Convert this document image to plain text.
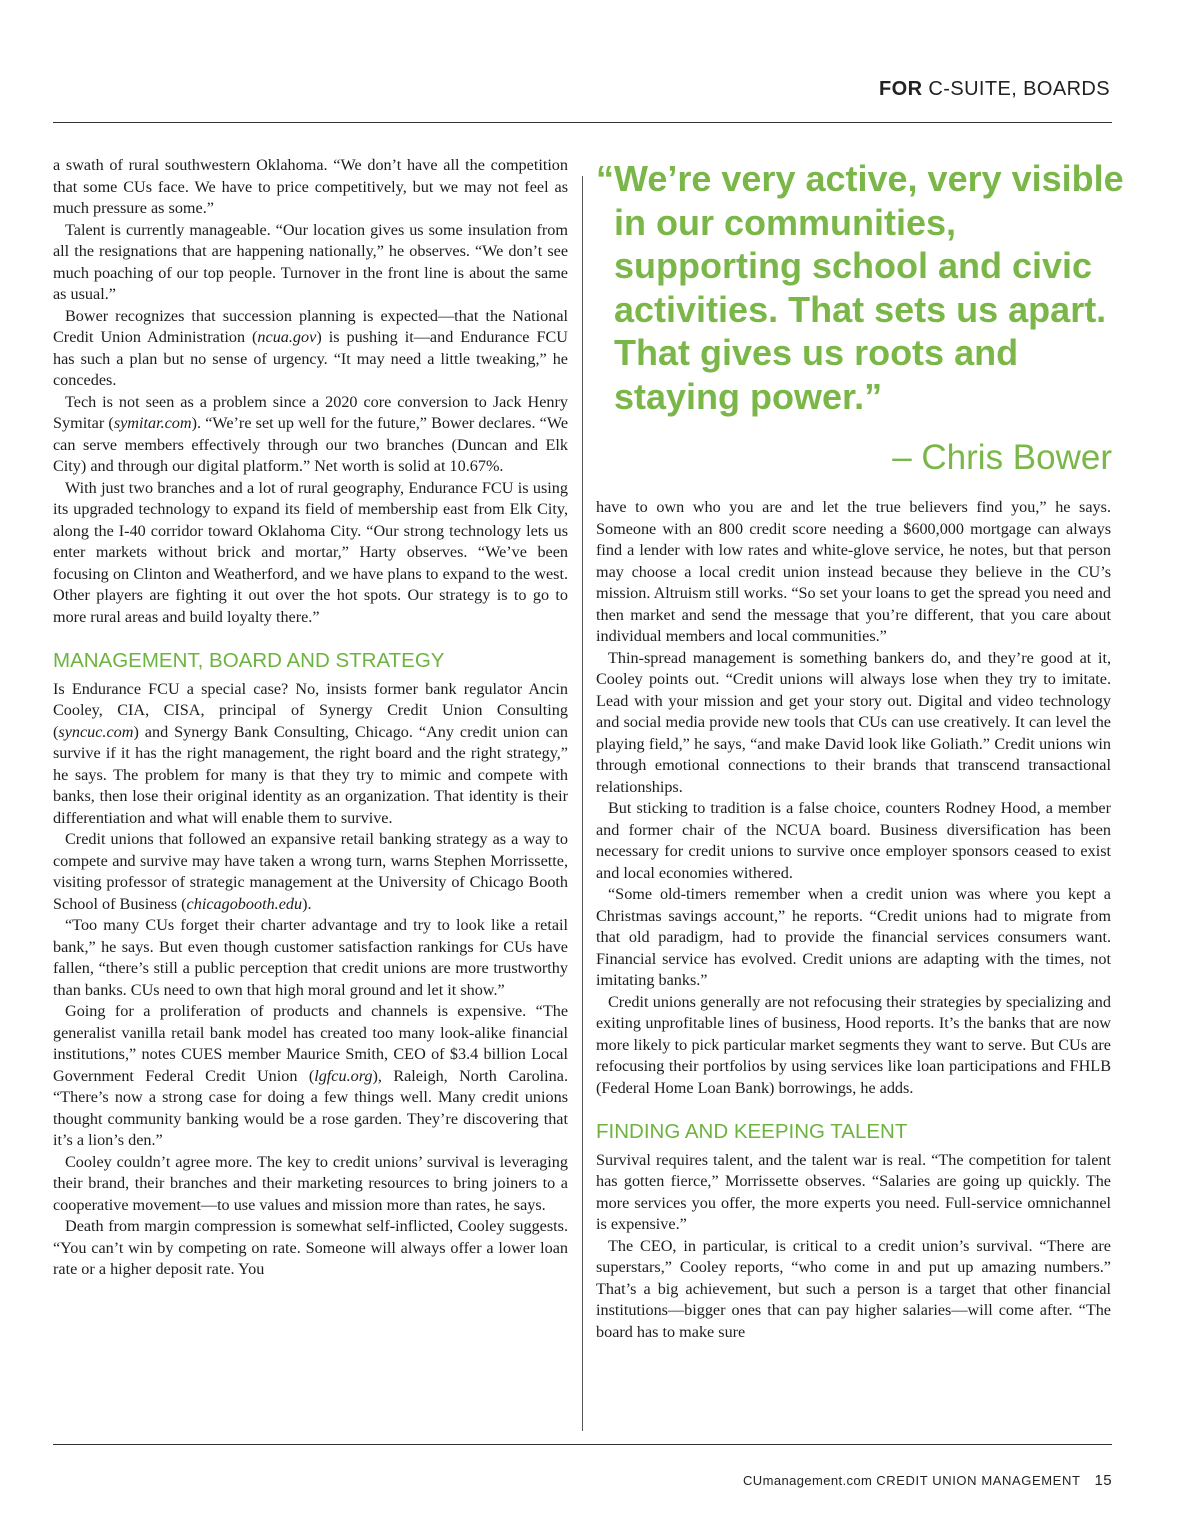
FOR C-SUITE, BOARDS

a swath of rural southwestern Oklahoma. “We don’t have all the competition that some CUs face. We have to price competitively, but we may not feel as much pressure as some.”

Talent is currently manageable. “Our location gives us some insulation from all the resignations that are happening nationally,” he observes. “We don’t see much poaching of our top people. Turnover in the front line is about the same as usual.”

Bower recognizes that succession planning is expected—that the National Credit Union Administration (ncua.gov) is pushing it—and Endurance FCU has such a plan but no sense of urgency. “It may need a little tweaking,” he concedes.

Tech is not seen as a problem since a 2020 core conversion to Jack Henry Symitar (symitar.com). “We’re set up well for the future,” Bower declares. “We can serve members effectively through our two branches (Duncan and Elk City) and through our digital platform.” Net worth is solid at 10.67%.

With just two branches and a lot of rural geography, Endurance FCU is using its upgraded technology to expand its field of membership east from Elk City, along the I-40 corridor toward Oklahoma City. “Our strong technology lets us enter markets without brick and mortar,” Harty observes. “We’ve been focusing on Clinton and Weatherford, and we have plans to expand to the west. Other players are fighting it out over the hot spots. Our strategy is to go to more rural areas and build loyalty there.”

MANAGEMENT, BOARD AND STRATEGY

Is Endurance FCU a special case? No, insists former bank regulator Ancin Cooley, CIA, CISA, principal of Synergy Credit Union Consulting (syncuc.com) and Synergy Bank Consulting, Chicago. “Any credit union can survive if it has the right management, the right board and the right strategy,” he says. The problem for many is that they try to mimic and compete with banks, then lose their original identity as an organization. That identity is their differentiation and what will enable them to survive.

Credit unions that followed an expansive retail banking strategy as a way to compete and survive may have taken a wrong turn, warns Stephen Morrissette, visiting professor of strategic management at the University of Chicago Booth School of Business (chicagobooth.edu).

“Too many CUs forget their charter advantage and try to look like a retail bank,” he says. But even though customer satisfaction rankings for CUs have fallen, “there’s still a public perception that credit unions are more trustworthy than banks. CUs need to own that high moral ground and let it show.”

Going for a proliferation of products and channels is expensive. “The generalist vanilla retail bank model has created too many look-alike financial institutions,” notes CUES member Maurice Smith, CEO of $3.4 billion Local Government Federal Credit Union (lgfcu.org), Raleigh, North Carolina. “There’s now a strong case for doing a few things well. Many credit unions thought community banking would be a rose garden. They’re discovering that it’s a lion’s den.”

Cooley couldn’t agree more. The key to credit unions’ survival is leveraging their brand, their branches and their marketing resources to bring joiners to a cooperative movement—to use values and mission more than rates, he says.

Death from margin compression is somewhat self-inflicted, Cooley suggests. “You can’t win by competing on rate. Someone will always offer a lower loan rate or a higher deposit rate. You

“We’re very active, very visible in our communities, supporting school and civic activities. That sets us apart. That gives us roots and staying power.”
– Chris Bower

have to own who you are and let the true believers find you,” he says. Someone with an 800 credit score needing a $600,000 mortgage can always find a lender with low rates and white-glove service, he notes, but that person may choose a local credit union instead because they believe in the CU’s mission. Altruism still works. “So set your loans to get the spread you need and then market and send the message that you’re different, that you care about individual members and local communities.”

Thin-spread management is something bankers do, and they’re good at it, Cooley points out. “Credit unions will always lose when they try to imitate. Lead with your mission and get your story out. Digital and video technology and social media provide new tools that CUs can use creatively. It can level the playing field,” he says, “and make David look like Goliath.” Credit unions win through emotional connections to their brands that transcend transactional relationships.

But sticking to tradition is a false choice, counters Rodney Hood, a member and former chair of the NCUA board. Business diversification has been necessary for credit unions to survive once employer sponsors ceased to exist and local economies withered.

“Some old-timers remember when a credit union was where you kept a Christmas savings account,” he reports. “Credit unions had to migrate from that old paradigm, had to provide the financial services consumers want. Financial service has evolved. Credit unions are adapting with the times, not imitating banks.”

Credit unions generally are not refocusing their strategies by specializing and exiting unprofitable lines of business, Hood reports. It’s the banks that are now more likely to pick particular market segments they want to serve. But CUs are refocusing their portfolios by using services like loan participations and FHLB (Federal Home Loan Bank) borrowings, he adds.

FINDING AND KEEPING TALENT

Survival requires talent, and the talent war is real. “The competition for talent has gotten fierce,” Morrissette observes. “Salaries are going up quickly. The more services you offer, the more experts you need. Full-service omnichannel is expensive.”

The CEO, in particular, is critical to a credit union’s survival. “There are superstars,” Cooley reports, “who come in and put up amazing numbers.” That’s a big achievement, but such a person is a target that other financial institutions—bigger ones that can pay higher salaries—will come after. “The board has to make sure

CUmanagement.com CREDIT UNION MANAGEMENT 15
